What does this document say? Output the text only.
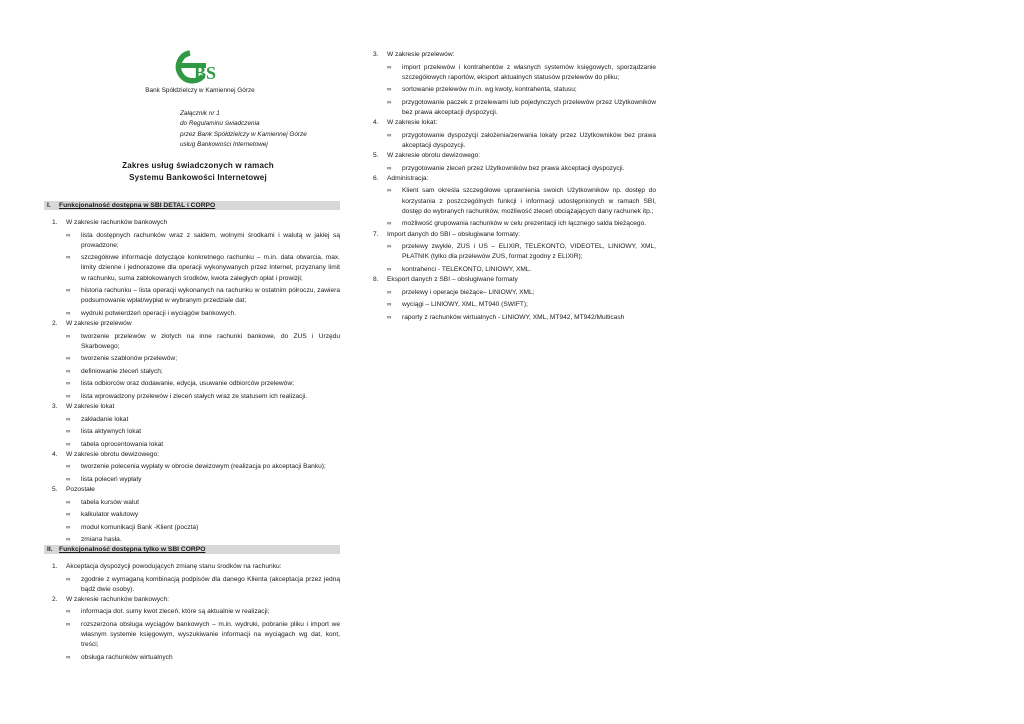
BS
Bank Spółdzielczy w Kamiennej Górze
Załącznik nr 1
do Regulaminu świadczenia
przez Bank Spółdzielczy w Kamiennej Górze
usług Bankowości Internetowej
Zakres usług świadczonych w ramach
Systemu Bankowości Internetowej
I. Funkcjonalność dostępna w SBI DETAL i CORPO
1. W zakresie rachunków bankowych
∞ lista dostępnych rachunków wraz z saldem, wolnymi środkami i walutą w jakiej są prowadzone;
∞ szczegółowe informacje dotyczące konkretnego rachunku – m.in. data otwarcia, max. limity dzienne i jednorazowe dla operacji wykonywanych przez Internet, przyznany limit w rachunku, suma zablokowanych środków, kwota zaległych opłat i prowizji;
∞ historia rachunku – lista operacji wykonanych na rachunku w ostatnim półroczu, zawiera podsumowanie wpłat/wypłat w wybranym przedziale dat;
∞ wydruki potwierdzeń operacji i wyciągów bankowych.
2. W zakresie przelewów
∞ tworzenie przelewów w złotych na inne rachunki bankowe, do ZUS i Urzędu Skarbowego;
∞ tworzenie szablonów przelewów;
∞ definiowanie zleceń stałych;
∞ lista odbiorców oraz dodawanie, edycja, usuwanie odbiorców przelewów;
∞ lista wprowadzony przelewów i zleceń stałych wraz ze statusem ich realizacji.
3. W zakresie lokat
∞ zakładanie lokat
∞ lista aktywnych lokat
∞ tabela oprocentowania lokat
4. W zakresie obrotu dewizowego:
∞ tworzenie polecenia wypłaty w obrocie dewizowym (realizacja po akceptacji Banku);
∞ lista poleceń wypłaty
5. Pozostałe
∞ tabela kursów walut
∞ kalkulator walutowy
∞ moduł komunikacji Bank -Klient (poczta)
∞ zmiana hasła.
II. Funkcjonalność dostępna tylko w SBI CORPO
1. Akceptacja dyspozycji powodujących zmianę stanu środków na rachunku:
∞ zgodnie z wymaganą kombinacją podpisów dla danego Klienta (akceptacja przez jedną bądź dwie osoby).
2. W zakresie rachunków bankowych:
∞ informacja dot. sumy kwot zleceń, które są aktualnie w realizacji;
∞ rozszerzona obsługa wyciągów bankowych – m.in. wydruki, pobranie pliku i import we własnym systemie księgowym, wyszukiwanie informacji na wyciągach wg dat, kont, treści;
∞ obsługa rachunków wirtualnych
3. W zakresie przelewów:
∞ import przelewów i kontrahentów z własnych systemów księgowych, sporządzanie szczegółowych raportów, eksport aktualnych statusów przelewów do pliku;
∞ sortowanie przelewów m.in. wg kwoty, kontrahenta, statusu;
∞ przygotowanie paczek z przelewami lub pojedynczych przelewów przez Użytkowników bez prawa akceptacji dyspozycji.
4. W zakresie lokat:
∞ przygotowanie dyspozycji założenia/zerwania lokaty przez Użytkowników bez prawa akceptacji dyspozycji.
5. W zakresie obrotu dewizowego:
∞ przygotowanie zleceń przez Użytkowników bez prawa akceptacji dyspozycji.
6. Administracja:
∞ Klient sam określa szczegółowe uprawnienia swoich Użytkowników np. dostęp do korzystania z poszczególnych funkcji i informacji udostępnionych w ramach SBI, dostęp do wybranych rachunków, możliwość zleceń obciążających dany rachunek itp.;
∞ możliwość grupowania rachunków w celu prezentacji ich łącznego salda bieżącego.
7. Import danych do SBI – obsługiwane formaty:
∞ przelewy zwykłe, ZUS i US – ELIXIR, TELEKONTO, VIDEOTEL, LINIOWY, XML, PŁATNIK (tylko dla przelewów ZUS, format zgodny z ELIXIR);
∞ kontrahenci - TELEKONTO, LINIOWY, XML.
8. Eksport danych z SBI – obsługiwane formaty
∞ przelewy i operacje bieżące– LINIOWY, XML;
∞ wyciągi – LINIOWY, XML, MT940 (SWIFT);
∞ raporty z rachunków wirtualnych - LINIOWY, XML, MT942, MT942/Multicash
